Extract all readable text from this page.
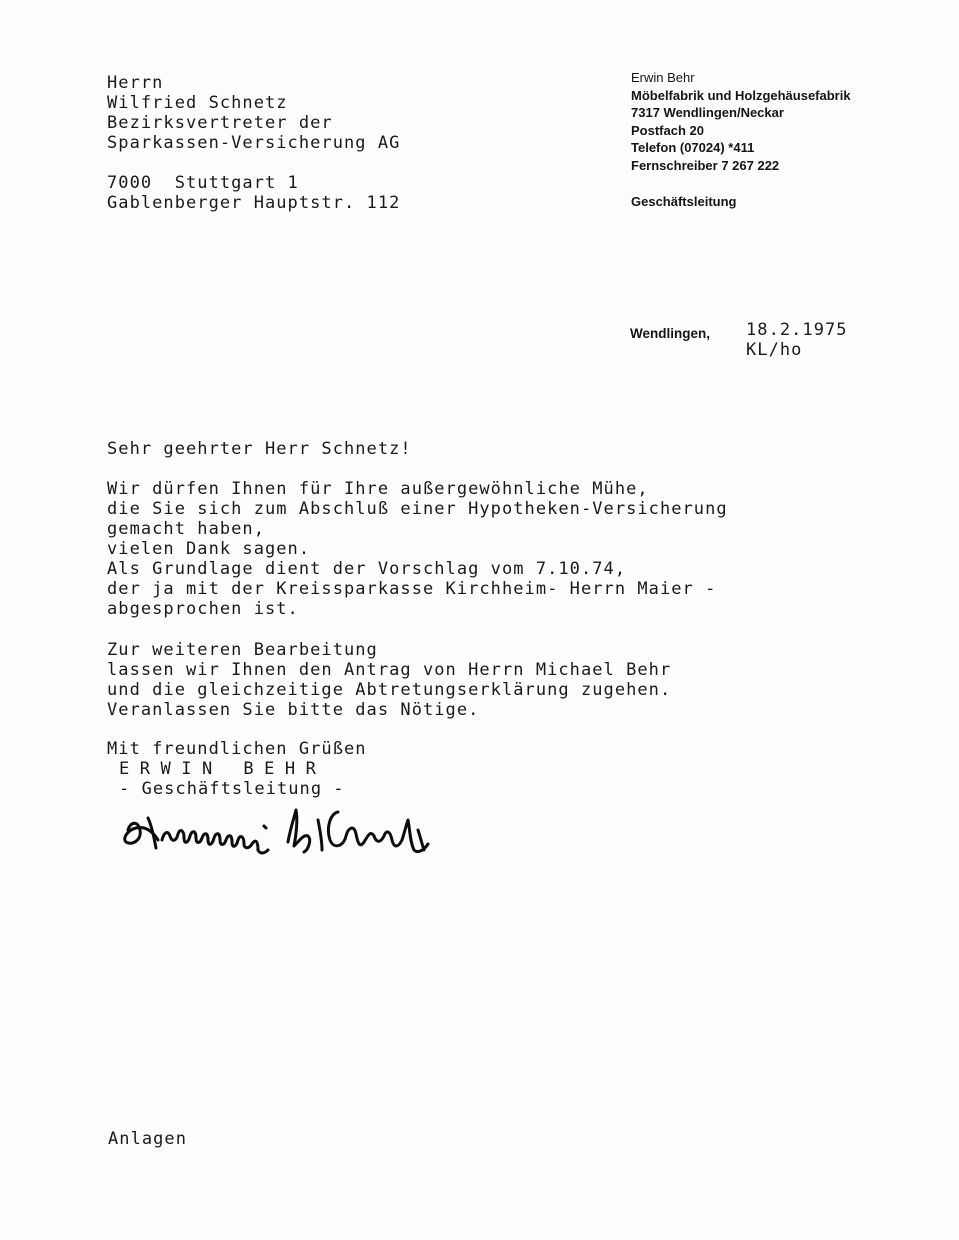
Herrn
Wilfried Schnetz
Bezirksvertreter der
Sparkassen-Versicherung AG
7000  Stuttgart 1
Gablenberger Hauptstr. 112
Erwin Behr
Möbelfabrik und Holzgehäusefabrik
7317 Wendlingen/Neckar
Postfach 20
Telefon (07024) *411
Fernschreiber 7 267 222
Geschäftsleitung
Wendlingen, 18.2.1975
KL/ho
Sehr geehrter Herr Schnetz!
Wir dürfen Ihnen für Ihre außergewöhnliche Mühe,
die Sie sich zum Abschluß einer Hypotheken-Versicherung
gemacht haben,
vielen Dank sagen.
Als Grundlage dient der Vorschlag vom 7.10.74,
der ja mit der Kreissparkasse Kirchheim- Herrn Maier -
abgesprochen ist.
Zur weiteren Bearbeitung
lassen wir Ihnen den Antrag von Herrn Michael Behr
und die gleichzeitige Abtretungserklärung zugehen.
Veranlassen Sie bitte das Nötige.
Mit freundlichen Grüßen
ERWIN BEHR
- Geschäftsleitung -
Anlagen
